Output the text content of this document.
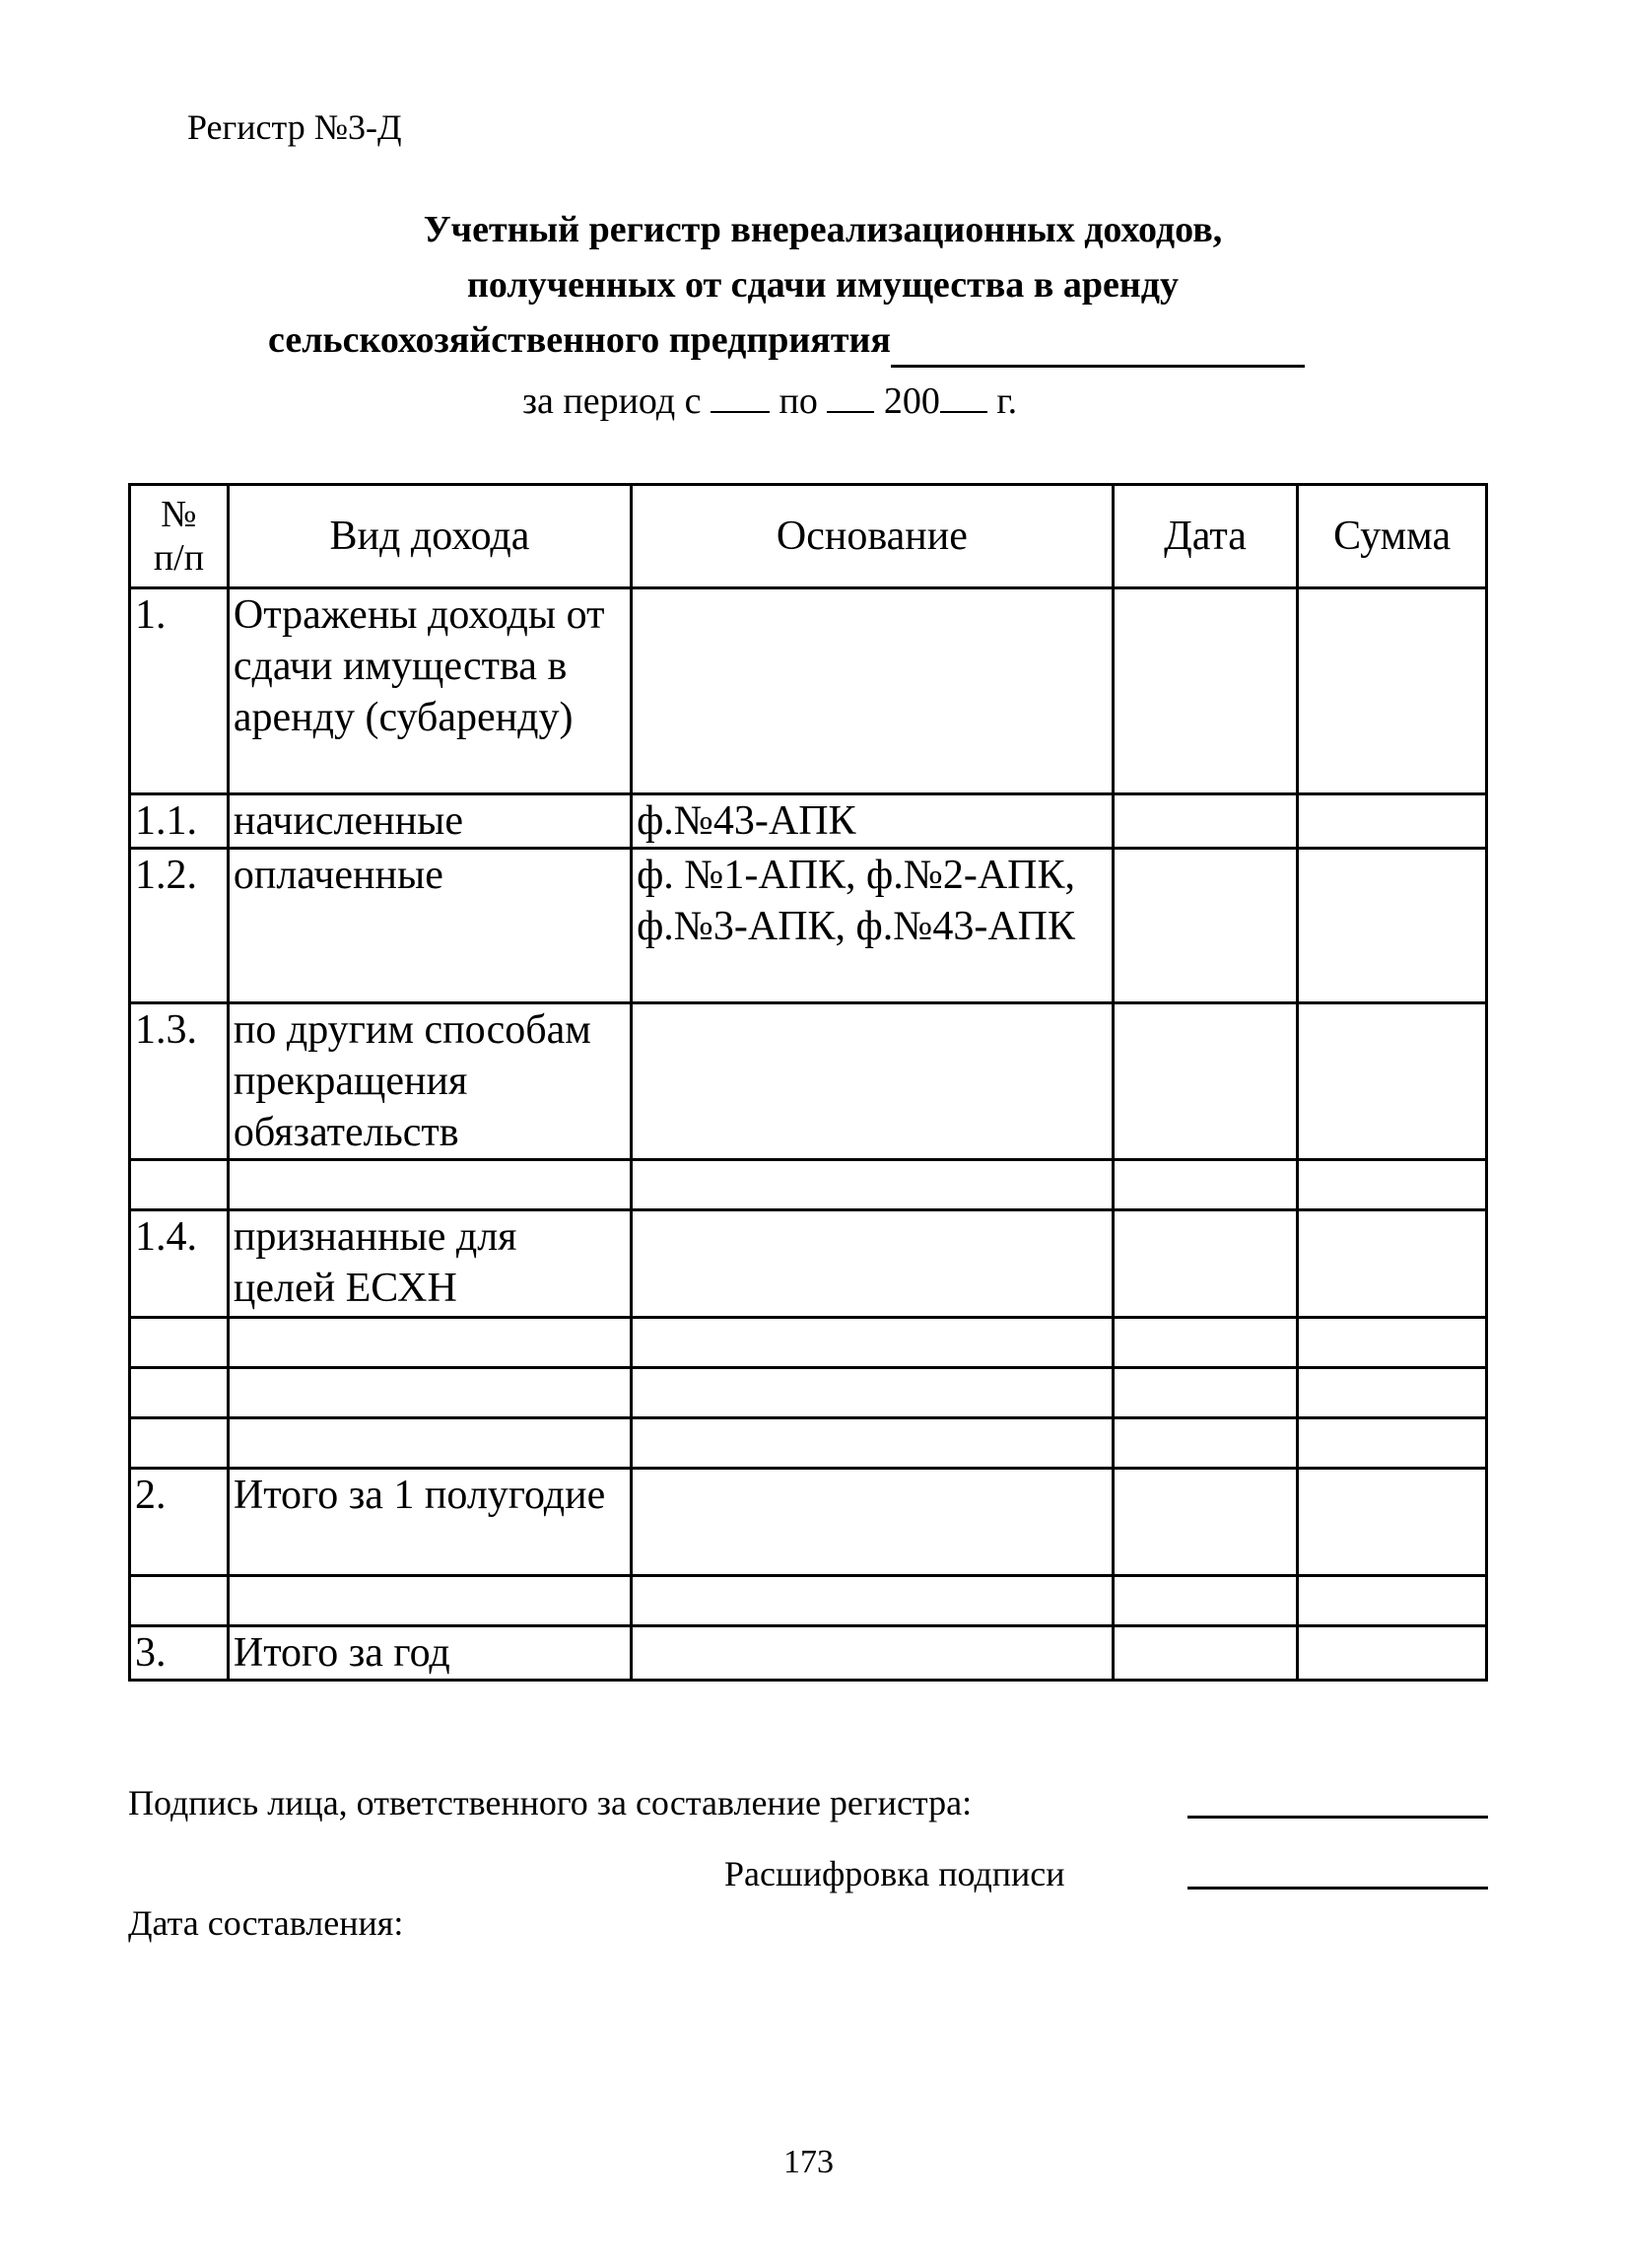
Регистр №3-Д
Учетный регистр внереализационных доходов,
полученных от сдачи имущества в аренду
сельскохозяйственного предприятия
за период с по 200 г.
№
п/п	Вид дохода	Основание	Дата	Сумма
1.	Отражены доходы от сдачи имущества в аренду (субаренду)			
1.1.	начисленные	ф.№43-АПК		
1.2.	оплаченные	ф. №1-АПК, ф.№2-АПК, ф.№3-АПК, ф.№43-АПК		
1.3.	по другим способам прекращения обязательств			

1.4.	признанные для целей ЕСХН			

2.	Итого за 1 полугодие			

3.	Итого за год			
Подпись лица, ответственного за составление регистра:
Расшифровка подписи
Дата составления:
173
